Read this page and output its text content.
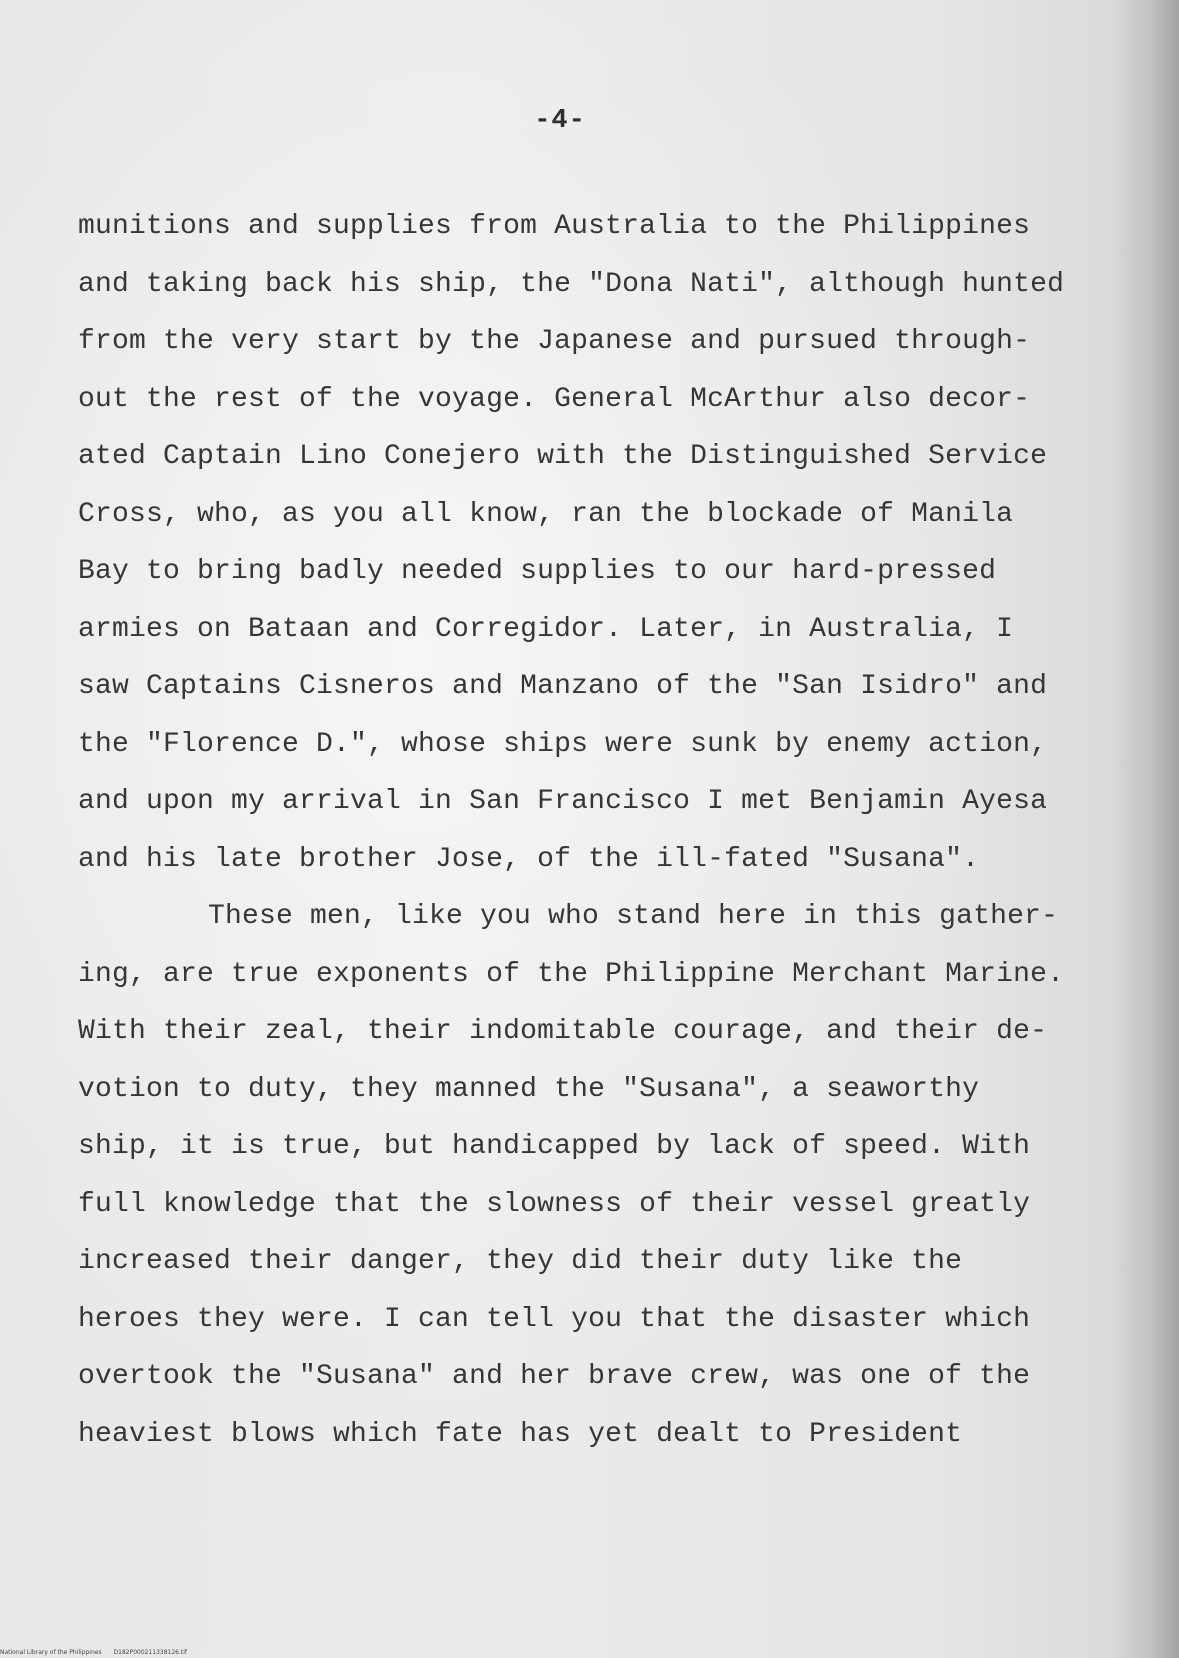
-4-
munitions and supplies from Australia to the Philippines
and taking back his ship, the "Dona Nati", although hunted
from the very start by the Japanese and pursued through-
out the rest of the voyage. General McArthur also decor-
ated Captain Lino Conejero with the Distinguished Service
Cross, who, as you all know, ran the blockade of Manila
Bay to bring badly needed supplies to our hard-pressed
armies on Bataan and Corregidor. Later, in Australia, I
saw Captains Cisneros and Manzano of the "San Isidro" and
the "Florence D.", whose ships were sunk by enemy action,
and upon my arrival in San Francisco I met Benjamin Ayesa
and his late brother Jose, of the ill-fated "Susana".
These men, like you who stand here in this gather-
ing, are true exponents of the Philippine Merchant Marine.
With their zeal, their indomitable courage, and their de-
votion to duty, they manned the "Susana", a seaworthy
ship, it is true, but handicapped by lack of speed. With
full knowledge that the slowness of their vessel greatly
increased their danger, they did their duty like the
heroes they were. I can tell you that the disaster which
overtook the "Susana" and her brave crew, was one of the
heaviest blows which fate has yet dealt to President
National Library of the Philippines D182P000211338126.tif
